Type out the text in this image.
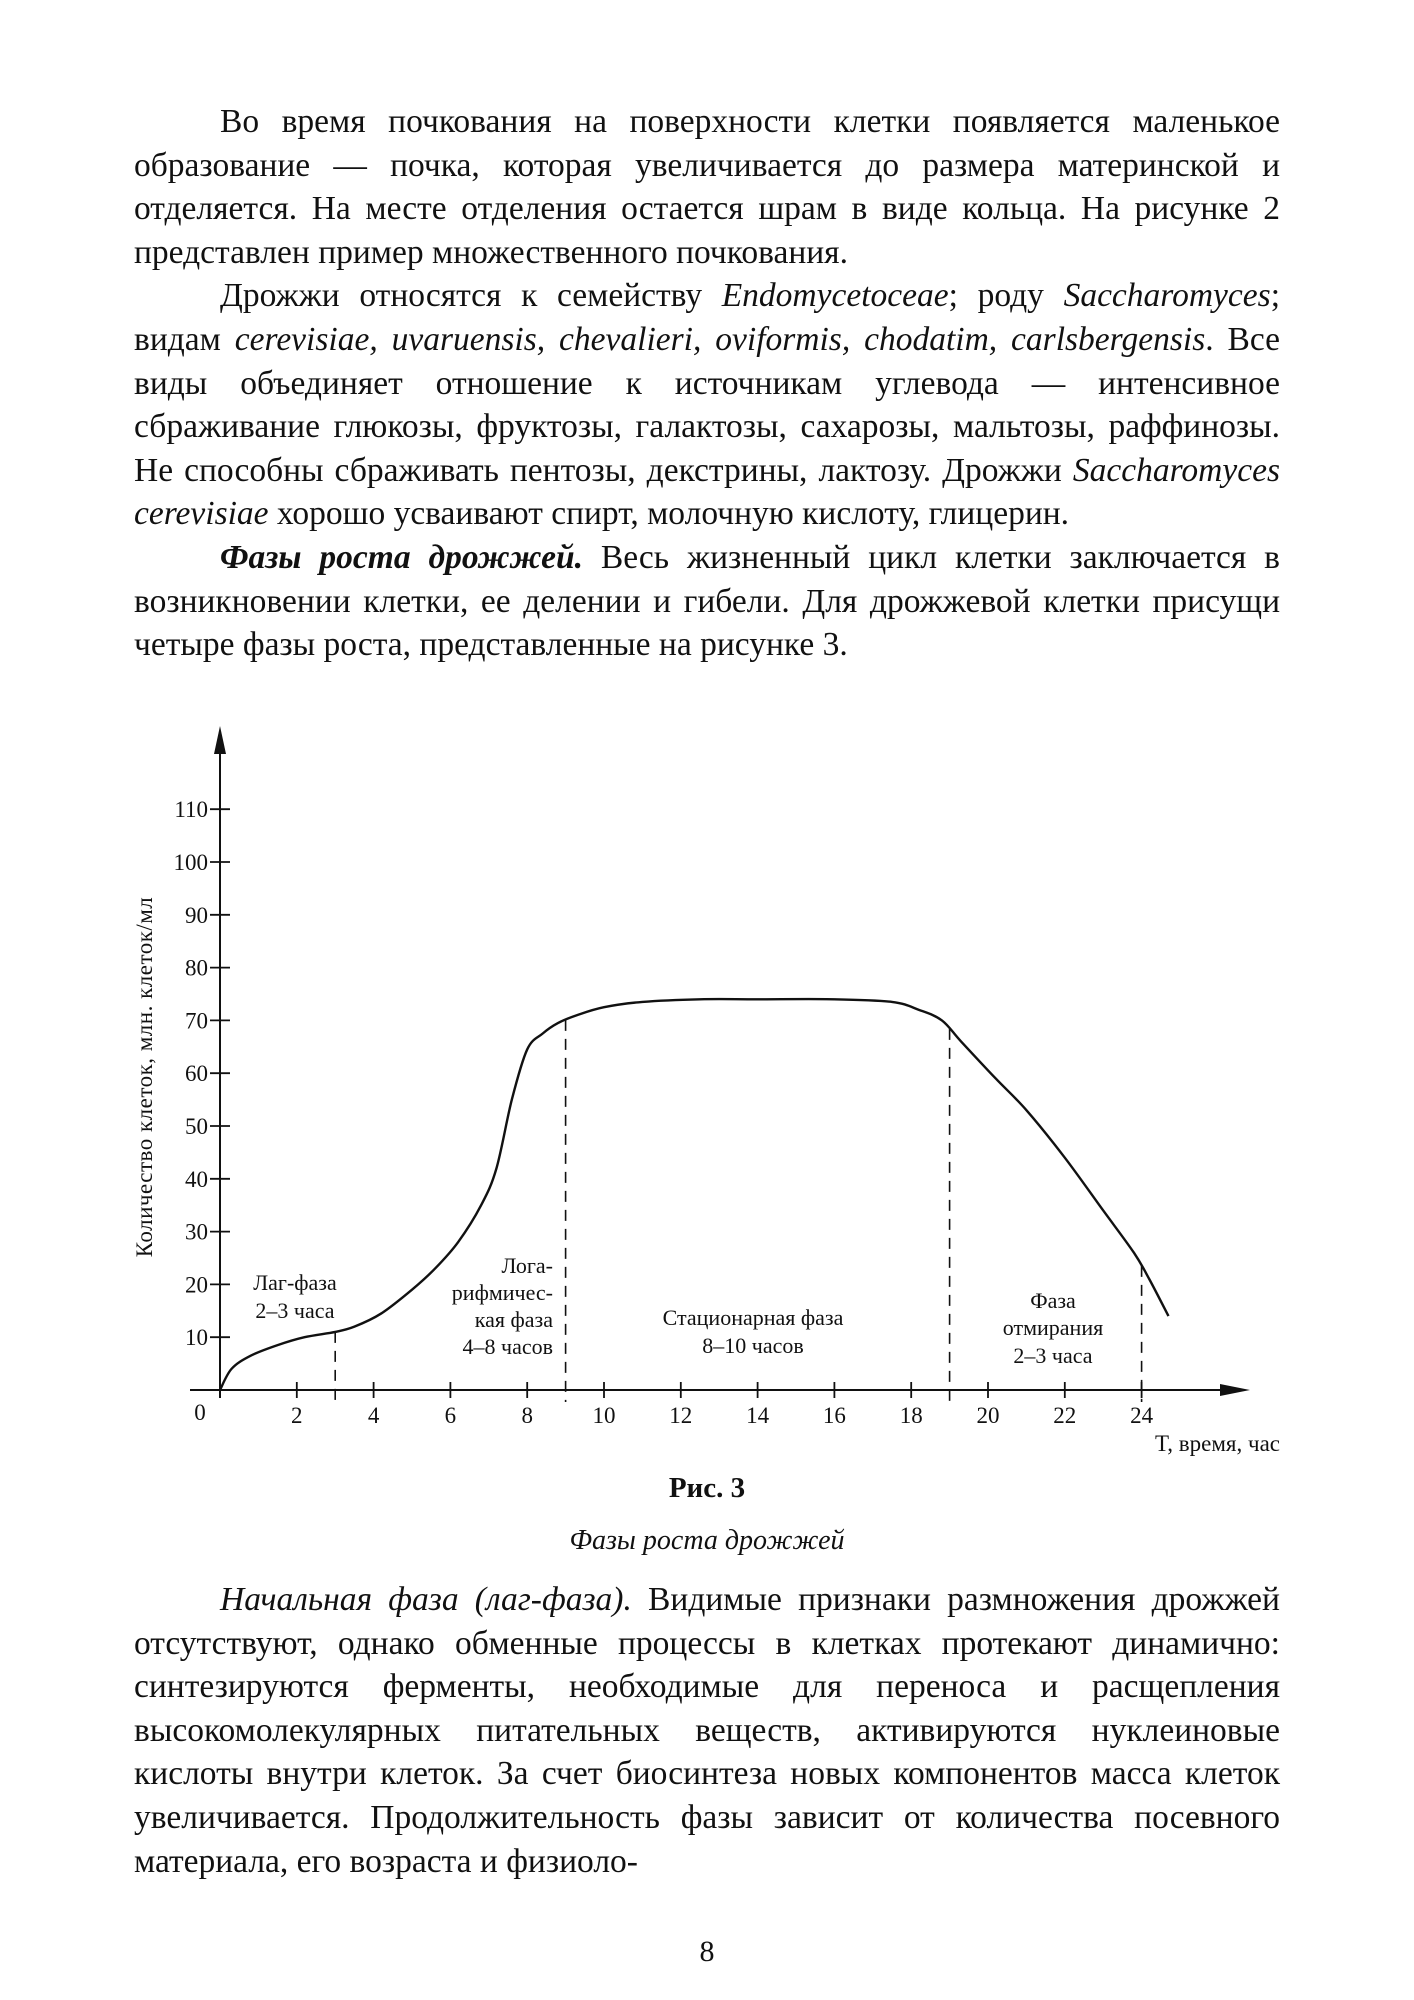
Во время почкования на поверхности клетки появляется маленькое образование — почка, которая увеличивается до размера материнской и отделяется. На месте отделения остается шрам в виде кольца. На рисунке 2 представлен пример множественного почкования.

Дрожжи относятся к семейству Endomycetoceae; роду Saccharomyces; видам cerevisiae, uvaruensis, chevalieri, oviformis, chodatim, carlsbergensis. Все виды объединяет отношение к источникам углевода — интенсивное сбраживание глюкозы, фруктозы, галактозы, сахарозы, мальтозы, раффинозы. Не способны сбраживать пентозы, декстрины, лактозу. Дрожжи Saccharomyces cerevisiae хорошо усваивают спирт, молочную кислоту, глицерин.

Фазы роста дрожжей. Весь жизненный цикл клетки заключается в возникновении клетки, ее делении и гибели. Для дрожжевой клетки присущи четыре фазы роста, представленные на рисунке 3.

10
20
30
40
50
60
70
80
90
100
110
2	4	6	8	10 12 14 16 18 20 22 24
Количество клеток, млн. клеток/мл
T, время, час
0
Лаг-фаза
2–3 часа
Лога-
рифмичес-
кая фаза
4–8 часов
Стационарная фаза
8–10 часов
Фаза
отмирания
2–3 часа
Рис. 3
Фазы роста дрожжей

Начальная фаза (лаг-фаза). Видимые признаки размножения дрожжей отсутствуют, однако обменные процессы в клетках протекают динамично: синтезируются ферменты, необходимые для переноса и расщепления высокомолекулярных питательных веществ, активируются нуклеиновые кислоты внутри клеток. За счет биосинтеза новых компонентов масса клеток увеличивается. Продолжительность фазы зависит от количества посевного материала, его возраста и физиоло-

8
